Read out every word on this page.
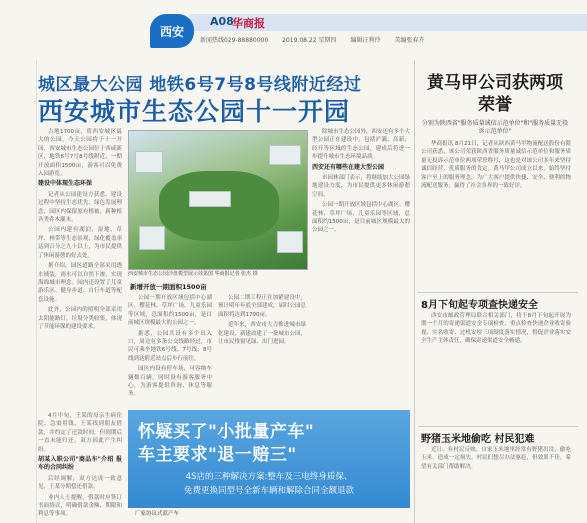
A08
华商报
西安
新闻热线029-88880000 2019.08.22 星期四 编辑汪利玲 美编张春卉
城区最大公园 地铁6号7号8号线附近经过
西安城市生态公园十一开园

占地1700亩，将西安城区最大的公园，今天公园将于十一开园，西安城市生态公园位于西咸新区，地铁6号7号8号线附近，一期开放面积1500亩，游客可以免费入园游览。

建设中体现生态环保

记者从公园建设方获悉，建设过程中坚持生态优先、绿色发展理念，园区内保留原有植被，新种植各类乔木灌木。

公园内建有湖泊、湿地、草坪、林带等生态景观，绿化覆盖率达到百分之九十以上，为市民提供了休闲游憩的好去处。

据介绍，园区道路全部采用透水铺装，雨水可以自然下渗，实现海绵城市理念。园内还设置了儿童游乐区、健身步道、自行车道等配套设施。

此外，公园内的照明全部采用太阳能路灯，垃圾分类收集，体现了节能环保的建设要求。

4月中旬，王某的母亲生病住院，急需用钱，王某找到朋友借款，并约定了还款时间，但到期后一直未能归还，双方因此产生纠纷。

胡某入职公司"商品车"介绍 报车的合同纠纷

后经调解，双方达成一致意见，王某分期偿还借款。

业内人士提醒，借款时应签订书面协议，明确借款金额、期限和利息等事项。

西安城市生态公园沙盘模型展示效果图 华商报记者 张杰 摄
新增开放一期面积1500亩

公园一期开放区域包括中心湖区、樱花林、草坪广场、儿童乐园等区域，总面积约1500亩，是目前城区规模最大的公园之一。

据悉，公园共设有多个出入口，周边有多条公交线路经过，市民可乘坐地铁6号线、7号线、8号线到达附近站点后步行前往。

园区内设有停车场，可容纳车辆数百辆，同时设有游客服务中心，为游客提供咨询、休息等服务。

公园二期工程正在加紧建设中，预计明年年底全部建成，届时公园总面积将达到1700亩。

近年来，西安市大力推进城市绿化建设，新建改建了一批城市公园，让市民推窗见绿、出门进园。

除城市生态公园外，西安还有多个大型公园正在建设中，包括浐灞、高新、经开等区域的生态公园，建成后将进一步提升城市生态环境品质。

西安还有哪些在建大型公园

市园林部门表示，将继续加大公园绿地建设力度，为市民提供更多休闲游憩空间。

公园一期开放区域包括中心湖区、樱花林、草坪广场、儿童乐园等区域，总面积约1500亩，是目前城区规模最大的公园之一。

黄马甲公司获两项荣誉
分别为陕西省"服务质量诚信示范单位"和"服务质量无投诉示范单位"

华商报讯 8月21日，记者从陕西黄马甲物流配送股份有限公司获悉，该公司荣获陕西省服务质量诚信示范单位和服务质量无投诉示范单位两项荣誉称号，这也是对该公司多年来坚持诚信经营、优质服务的肯定。黄马甲公司成立以来，始终坚持客户至上的服务理念，为广大客户提供快捷、安全、便利的物流配送服务，赢得了社会各界的一致好评。

8月下旬起专项查快递安全

西安市邮政管理局联合相关部门，将于8月下旬起开展为期一个月的寄递渠道安全专项检查，重点检查快递企业收寄验视、实名收寄、过机安检三项制度落实情况，督促企业落实安全生产主体责任，确保寄递渠道安全畅通。

野猪玉米地偷吃 村民犯难

近日，有村民反映，自家玉米地里经常有野猪出没，偷吃玉米，造成一定损失。村民们想尽办法驱赶，但效果不佳，希望有关部门帮助解决。

怀疑买了"小批量产车"
车主要求"退一赔三"
4S店的三种解决方案:整车及三电终身质保、
免费更换同型号全新车辆和解除合同全额退款
厂家协议式蓝产车
